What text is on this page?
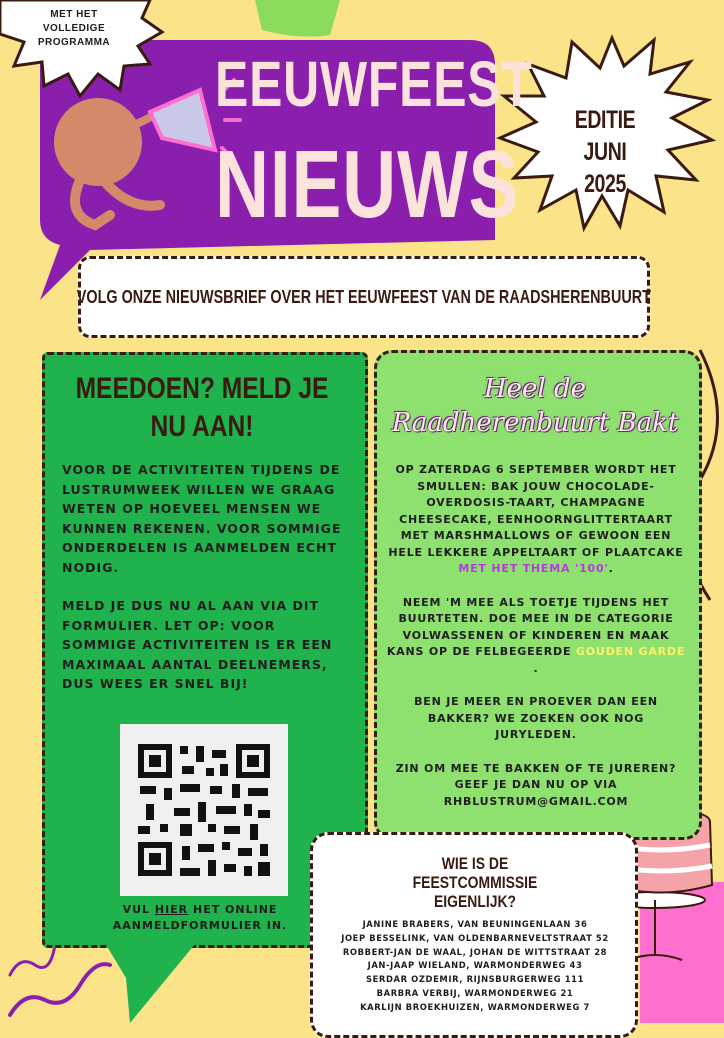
MET HET VOLLEDIGE PROGRAMMA
EEUWFEEST
NIEUWS
EDITIE JUNI 2025
VOLG ONZE NIEUWSBRIEF OVER HET EEUWFEEST VAN DE RAADSHERENBUURT
MEEDOEN? MELD JE NU AAN!
VOOR DE ACTIVITEITEN TIJDENS DE LUSTRUMWEEK WILLEN WE GRAAG WETEN OP HOEVEEL MENSEN WE KUNNEN REKENEN. VOOR SOMMIGE ONDERDELEN IS AANMELDEN ECHT NODIG.
MELD JE DUS NU AL AAN VIA DIT FORMULIER. LET OP: VOOR SOMMIGE ACTIVITEITEN IS ER EEN MAXIMAAL AANTAL DEELNEMERS, DUS WEES ER SNEL BIJ!
VUL HIER HET ONLINE AANMELDFORMULIER IN.
Heel de Raadherenbuurt Bakt

OP ZATERDAG 6 SEPTEMBER WORDT HET SMULLEN: BAK JOUW CHOCOLADE-OVERDOSIS-TAART, CHAMPAGNE CHEESECAKE, EENHOORNGLITTERTAART MET MARSHMALLOWS OF GEWOON EEN HELE LEKKERE APPELTAART OF PLAATCAKE MET HET THEMA '100'.

NEEM 'M MEE ALS TOETJE TIJDENS HET BUURTETEN. DOE MEE IN DE CATEGORIE VOLWASSENEN OF KINDEREN EN MAAK KANS OP DE FELBEGEERDE GOUDEN GARDE .

BEN JE MEER EN PROEVER DAN EEN BAKKER? WE ZOEKEN OOK NOG JURYLEDEN.

ZIN OM MEE TE BAKKEN OF TE JUREREN? GEEF JE DAN NU OP VIA RHBLUSTRUM@GMAIL.COM

WIE IS DE FEESTCOMMISSIE EIGENLIJK?
JANINE BRABERS, VAN BEUNINGENLAAN 36
JOEP BESSELINK, VAN OLDENBARNEVELTSTRAAT 52
ROBBERT-JAN DE WAAL, JOHAN DE WITTSTRAAT 28
JAN-JAAP WIELAND, WARMONDERWEG 43
SERDAR OZDEMIR, RIJNSBURGERWEG 111
BARBRA VERBIJ, WARMONDERWEG 21
KARLIJN BROEKHUIZEN, WARMONDERWEG 7
